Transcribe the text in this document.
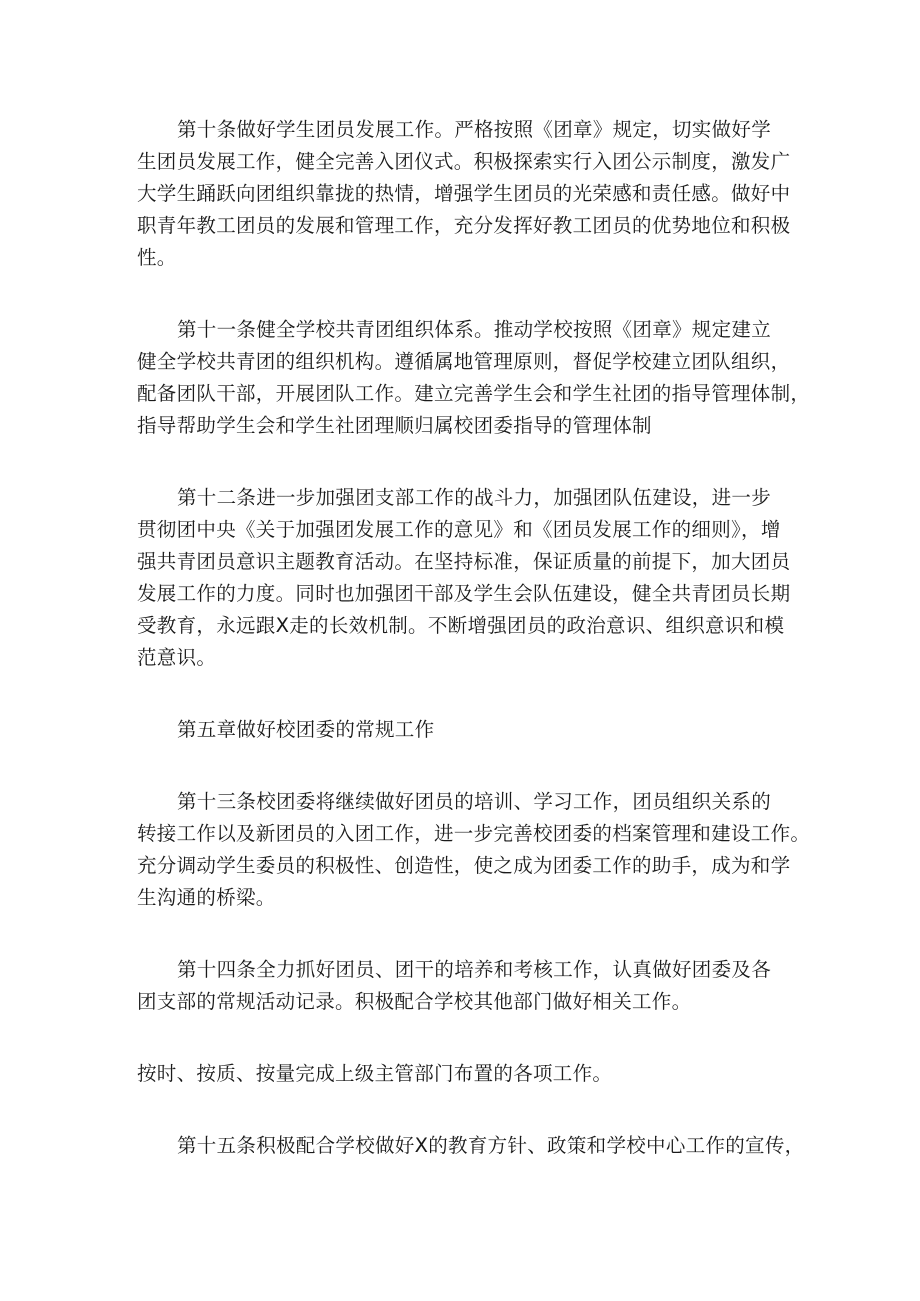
第十条做好学生团员发展工作。严格按照《团章》规定，切实做好学
生团员发展工作，健全完善入团仪式。积极探索实行入团公示制度，激发广
大学生踊跃向团组织靠拢的热情，增强学生团员的光荣感和责任感。做好中
职青年教工团员的发展和管理工作，充分发挥好教工团员的优势地位和积极
性。
第十一条健全学校共青团组织体系。推动学校按照《团章》规定建立
健全学校共青团的组织机构。遵循属地管理原则，督促学校建立团队组织，
配备团队干部，开展团队工作。建立完善学生会和学生社团的指导管理体制，
指导帮助学生会和学生社团理顺归属校团委指导的管理体制
第十二条进一步加强团支部工作的战斗力，加强团队伍建设，进一步
贯彻团中央《关于加强团发展工作的意见》和《团员发展工作的细则》，增
强共青团员意识主题教育活动。在坚持标准，保证质量的前提下，加大团员
发展工作的力度。同时也加强团干部及学生会队伍建设，健全共青团员长期
受教育，永远跟X走的长效机制。不断增强团员的政治意识、组织意识和模
范意识。
第五章做好校团委的常规工作
第十三条校团委将继续做好团员的培训、学习工作，团员组织关系的
转接工作以及新团员的入团工作，进一步完善校团委的档案管理和建设工作。
充分调动学生委员的积极性、创造性，使之成为团委工作的助手，成为和学
生沟通的桥梁。
第十四条全力抓好团员、团干的培养和考核工作，认真做好团委及各
团支部的常规活动记录。积极配合学校其他部门做好相关工作。
按时、按质、按量完成上级主管部门布置的各项工作。
第十五条积极配合学校做好X的教育方针、政策和学校中心工作的宣传，
